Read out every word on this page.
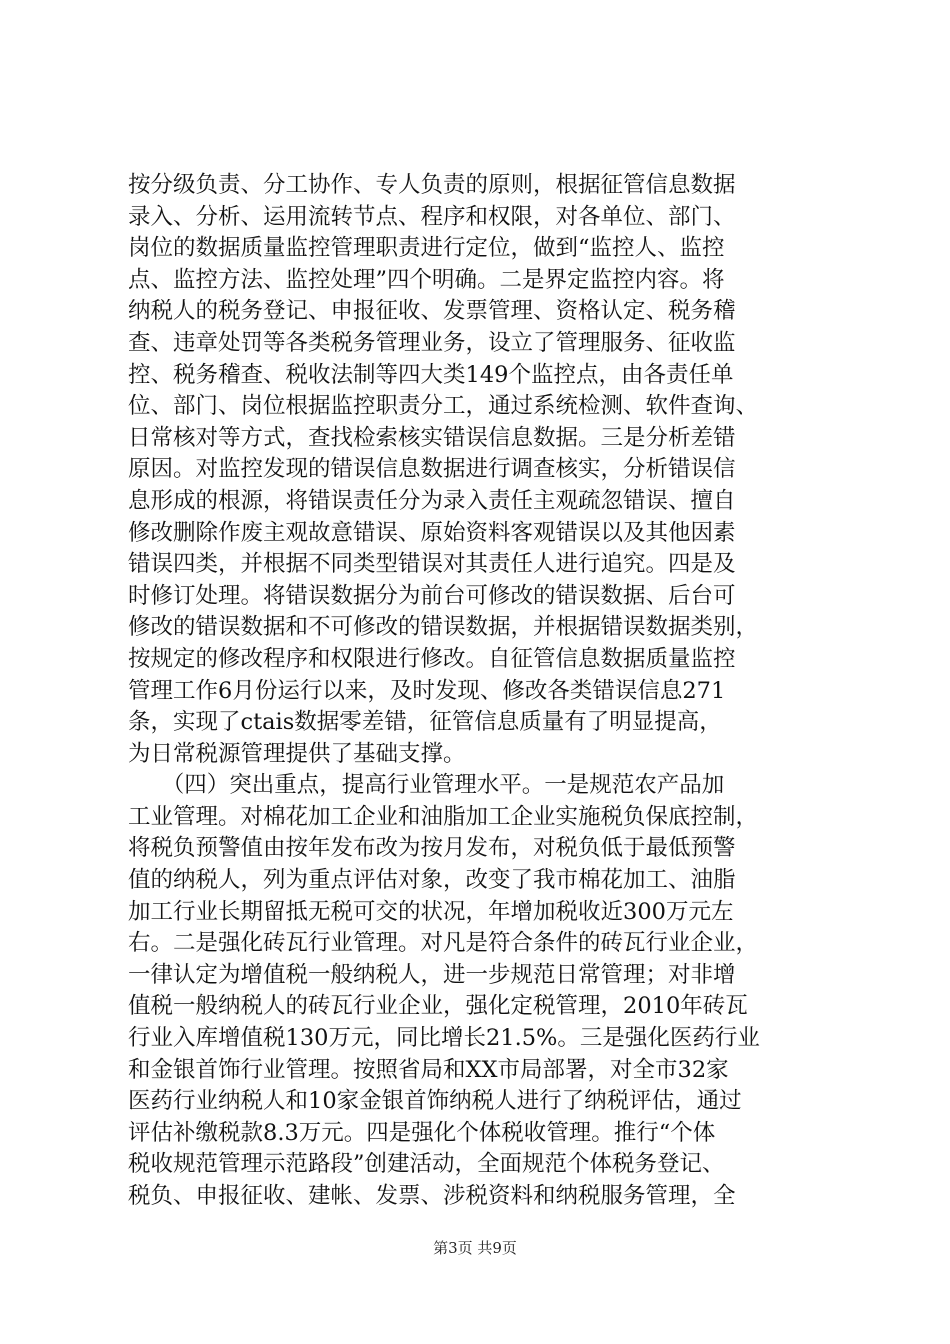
按分级负责、分工协作、专人负责的原则，根据征管信息数据
录入、分析、运用流转节点、程序和权限，对各单位、部门、
岗位的数据质量监控管理职责进行定位，做到“监控人、监控
点、监控方法、监控处理”四个明确。二是界定监控内容。将
纳税人的税务登记、申报征收、发票管理、资格认定、税务稽
查、违章处罚等各类税务管理业务，设立了管理服务、征收监
控、税务稽查、税收法制等四大类149个监控点，由各责任单
位、部门、岗位根据监控职责分工，通过系统检测、软件查询、
日常核对等方式，查找检索核实错误信息数据。三是分析差错
原因。对监控发现的错误信息数据进行调查核实，分析错误信
息形成的根源，将错误责任分为录入责任主观疏忽错误、擅自
修改删除作废主观故意错误、原始资料客观错误以及其他因素
错误四类，并根据不同类型错误对其责任人进行追究。四是及
时修订处理。将错误数据分为前台可修改的错误数据、后台可
修改的错误数据和不可修改的错误数据，并根据错误数据类别，
按规定的修改程序和权限进行修改。自征管信息数据质量监控
管理工作6月份运行以来，及时发现、修改各类错误信息271
条，实现了ctais数据零差错，征管信息质量有了明显提高，
为日常税源管理提供了基础支撑。
　　（四）突出重点，提高行业管理水平。一是规范农产品加
工业管理。对棉花加工企业和油脂加工企业实施税负保底控制，
将税负预警值由按年发布改为按月发布，对税负低于最低预警
值的纳税人，列为重点评估对象，改变了我市棉花加工、油脂
加工行业长期留抵无税可交的状况，年增加税收近300万元左
右。二是强化砖瓦行业管理。对凡是符合条件的砖瓦行业企业，
一律认定为增值税一般纳税人，进一步规范日常管理；对非增
值税一般纳税人的砖瓦行业企业，强化定税管理，2010年砖瓦
行业入库增值税130万元，同比增长21.5%。三是强化医药行业
和金银首饰行业管理。按照省局和XX市局部署，对全市32家
医药行业纳税人和10家金银首饰纳税人进行了纳税评估，通过
评估补缴税款8.3万元。四是强化个体税收管理。推行“个体
税收规范管理示范路段”创建活动，全面规范个体税务登记、
税负、申报征收、建帐、发票、涉税资料和纳税服务管理，全
第3页 共9页
